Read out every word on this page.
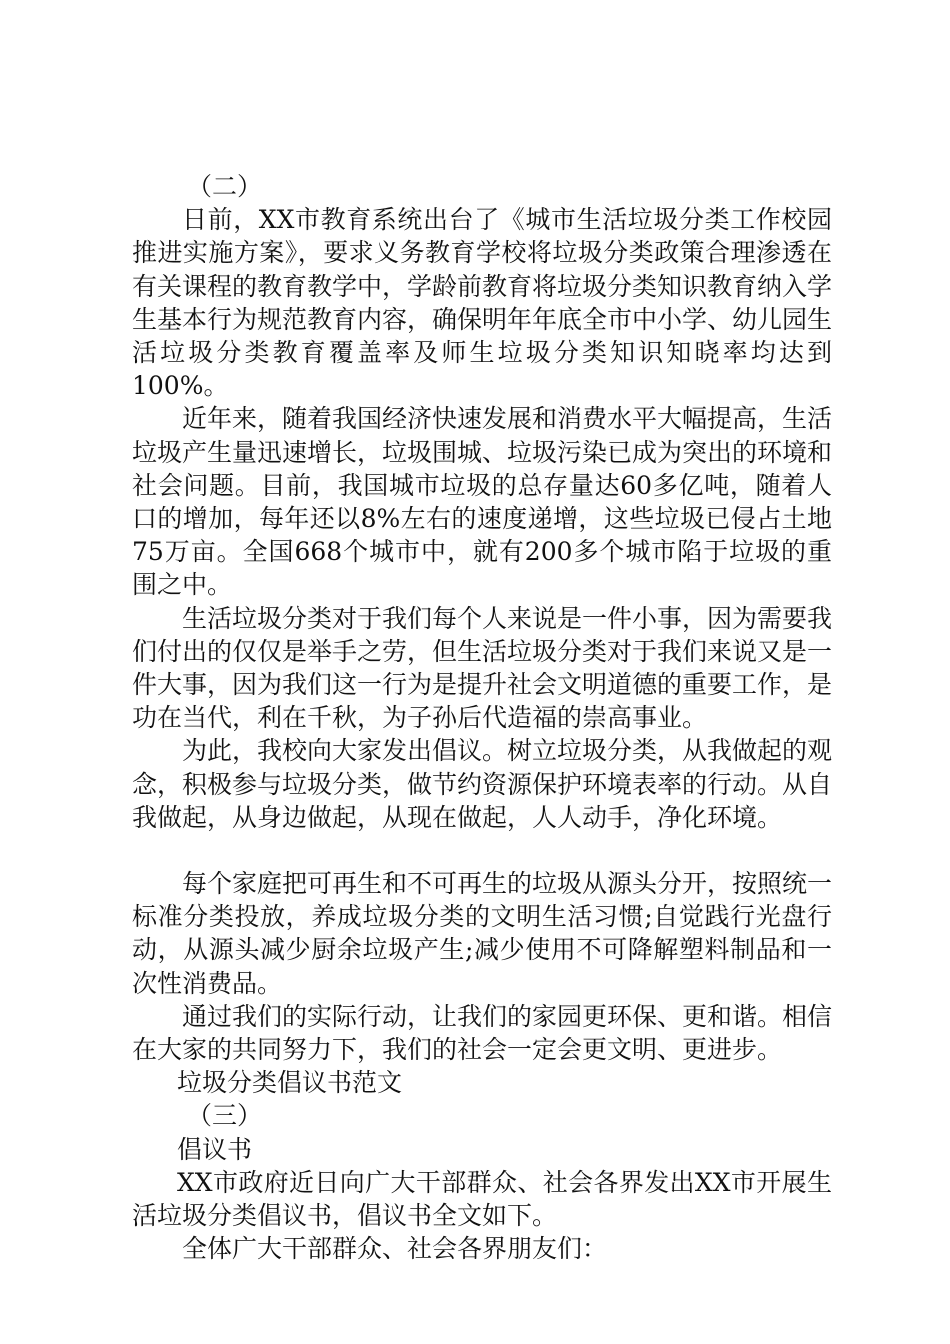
（二）

日前，XX市教育系统出台了《城市生活垃圾分类工作校园推进实施方案》，要求义务教育学校将垃圾分类政策合理渗透在有关课程的教育教学中，学龄前教育将垃圾分类知识教育纳入学生基本行为规范教育内容，确保明年年底全市中小学、幼儿园生活垃圾分类教育覆盖率及师生垃圾分类知识知晓率均达到100%。

近年来，随着我国经济快速发展和消费水平大幅提高，生活垃圾产生量迅速增长，垃圾围城、垃圾污染已成为突出的环境和社会问题。目前，我国城市垃圾的总存量达60多亿吨，随着人口的增加，每年还以8%左右的速度递增，这些垃圾已侵占土地75万亩。全国668个城市中，就有200多个城市陷于垃圾的重围之中。

生活垃圾分类对于我们每个人来说是一件小事，因为需要我们付出的仅仅是举手之劳，但生活垃圾分类对于我们来说又是一件大事，因为我们这一行为是提升社会文明道德的重要工作，是功在当代，利在千秋，为子孙后代造福的崇高事业。

为此，我校向大家发出倡议。树立垃圾分类，从我做起的观念，积极参与垃圾分类，做节约资源保护环境表率的行动。从自我做起，从身边做起，从现在做起，人人动手，净化环境。

每个家庭把可再生和不可再生的垃圾从源头分开，按照统一标准分类投放，养成垃圾分类的文明生活习惯;自觉践行光盘行动，从源头减少厨余垃圾产生;减少使用不可降解塑料制品和一次性消费品。

通过我们的实际行动，让我们的家园更环保、更和谐。相信在大家的共同努力下，我们的社会一定会更文明、更进步。

垃圾分类倡议书范文
（三）
倡议书

XX市政府近日向广大干部群众、社会各界发出XX市开展生活垃圾分类倡议书，倡议书全文如下。

全体广大干部群众、社会各界朋友们：
